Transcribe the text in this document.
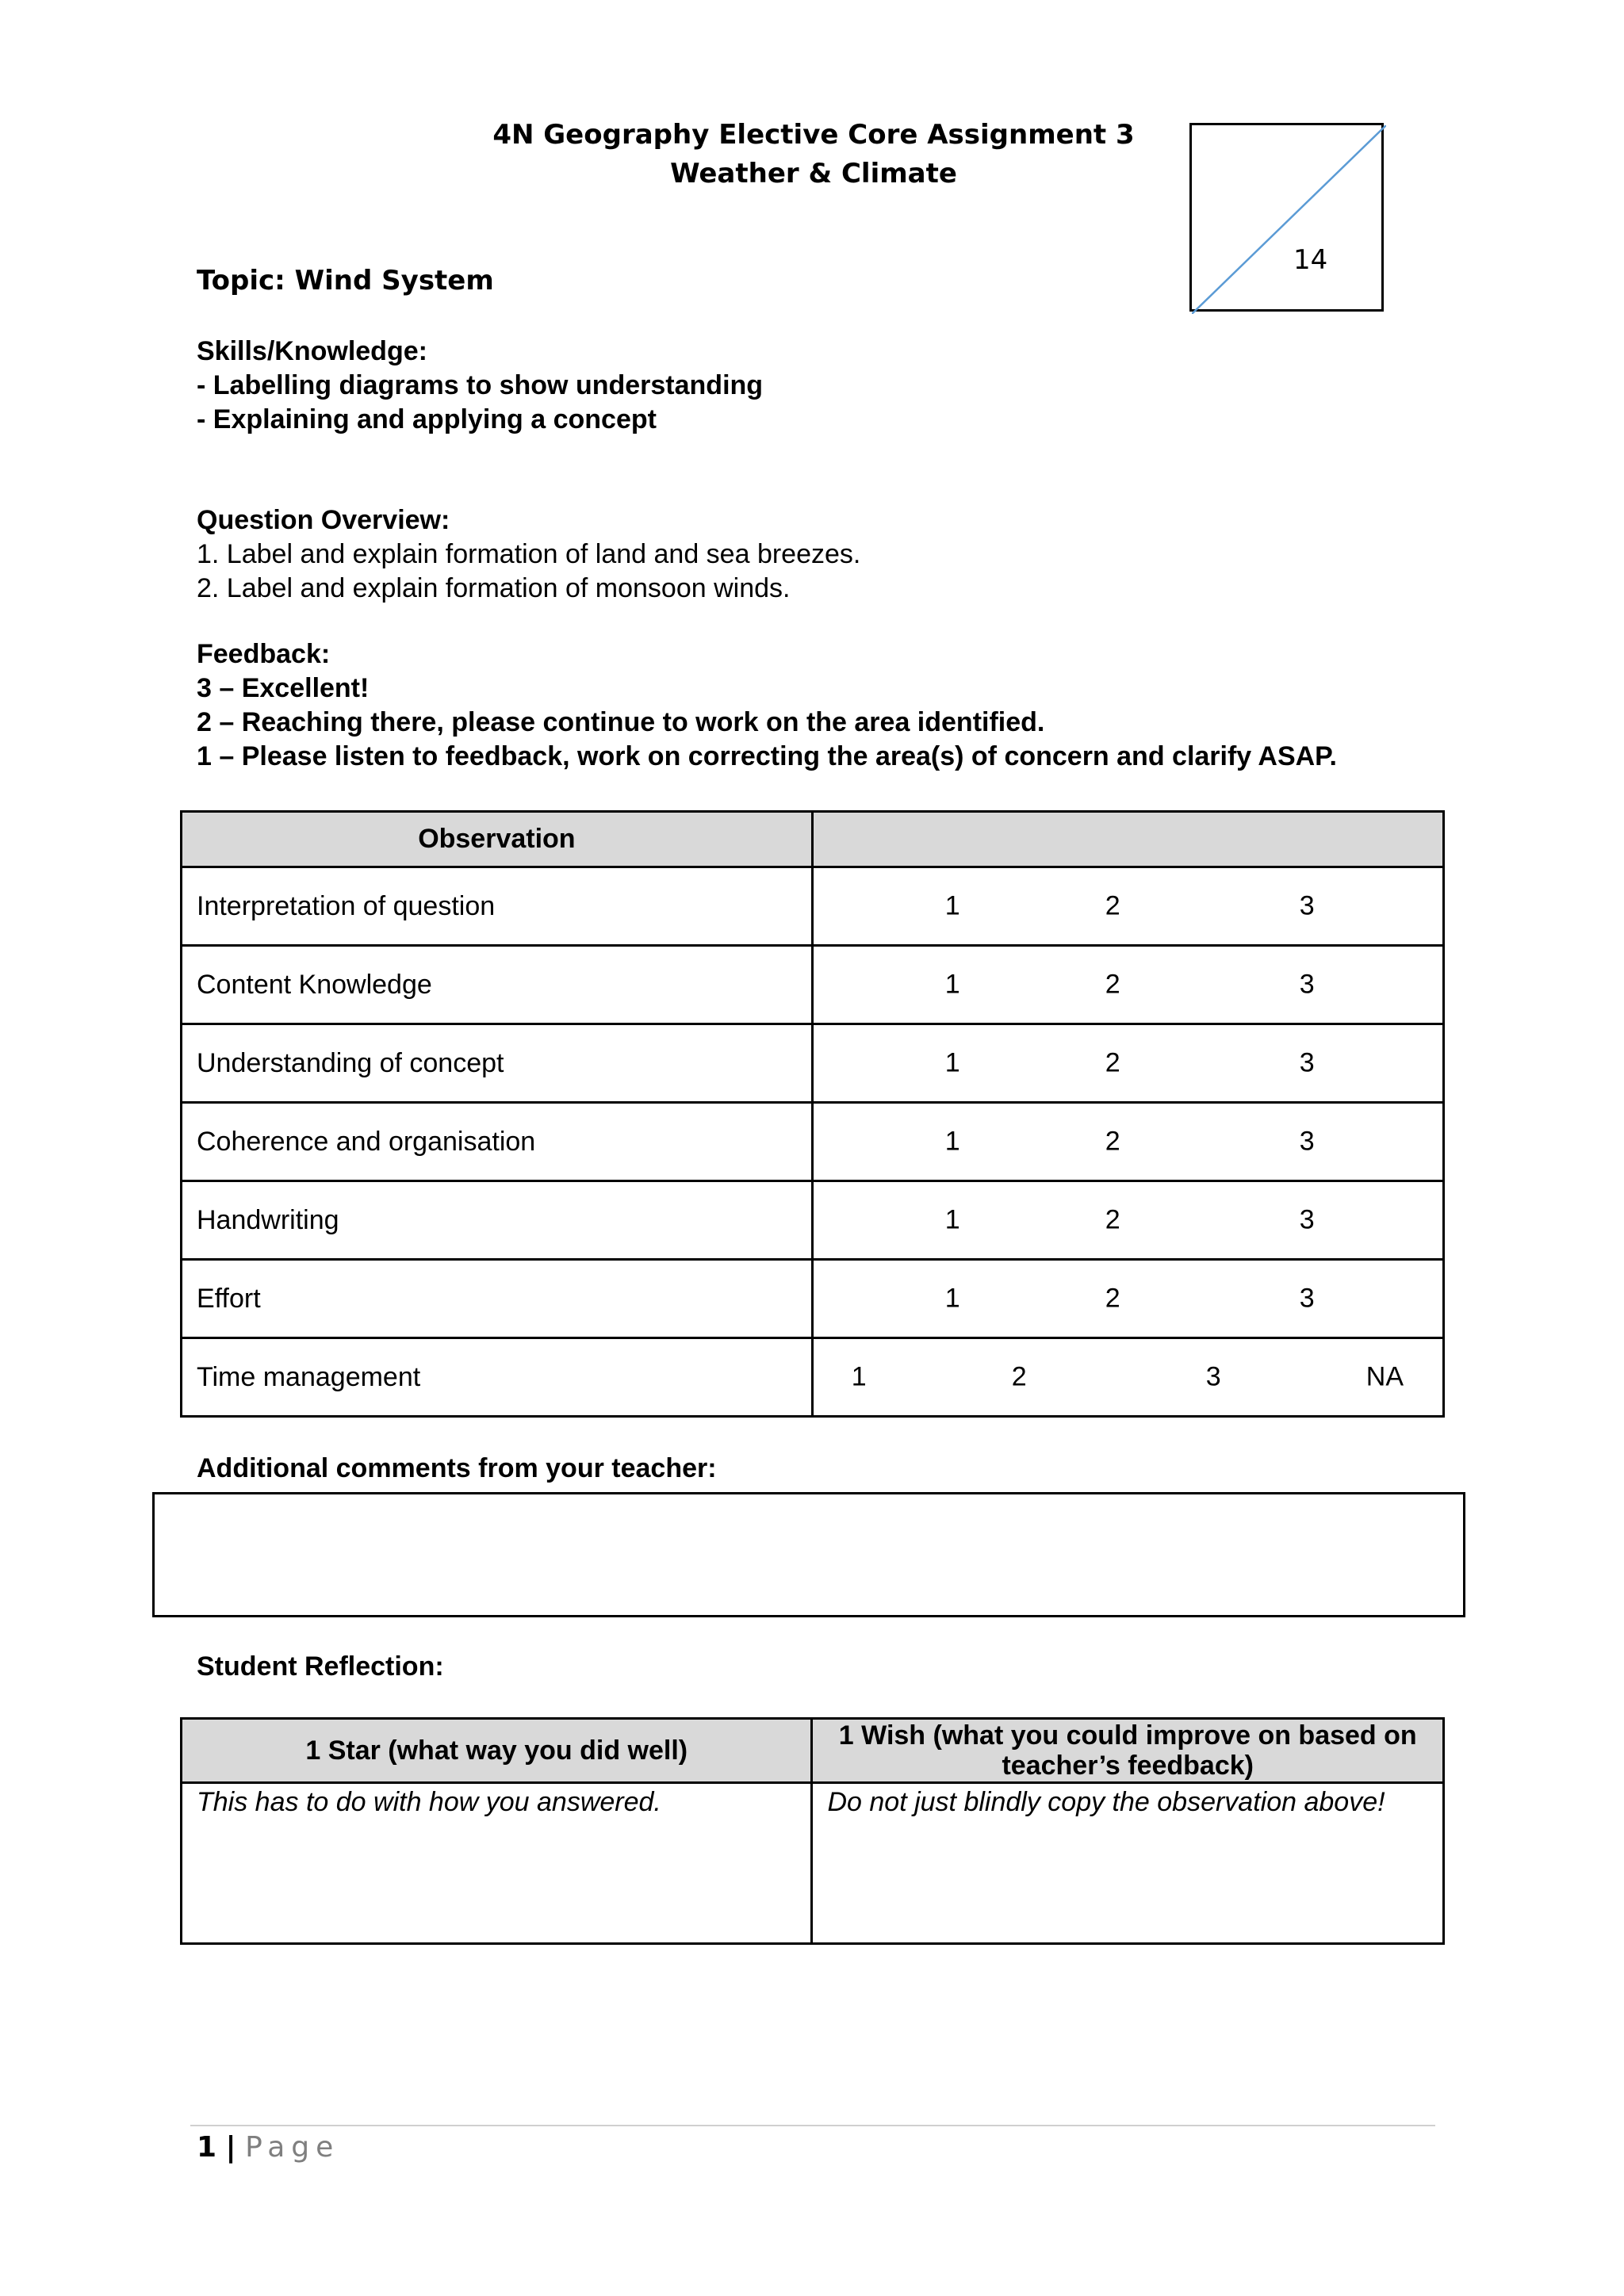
4N Geography Elective Core Assignment 3
Weather & Climate
14
Topic: Wind System
Skills/Knowledge:
- Labelling diagrams to show understanding
- Explaining and applying a concept
Question Overview:
1. Label and explain formation of land and sea breezes.
2. Label and explain formation of monsoon winds.
Feedback:
3 – Excellent!
2 – Reaching there, please continue to work on the area identified.
1 – Please listen to feedback, work on correcting the area(s) of concern and clarify ASAP.
Observation	
Interpretation of question	1 2 3

Content Knowledge	1 2 3

Understanding of concept	1 2 3

Coherence and organisation	1 2 3

Handwriting	1 2 3

Effort	1 2 3

Time management	1 2 3 NA
Additional comments from your teacher:
Student Reflection:
1 Star (what way you did well)	1 Wish (what you could improve on based on teacher’s feedback)
This has to do with how you answered.	Do not just blindly copy the observation above!
1 | Page
